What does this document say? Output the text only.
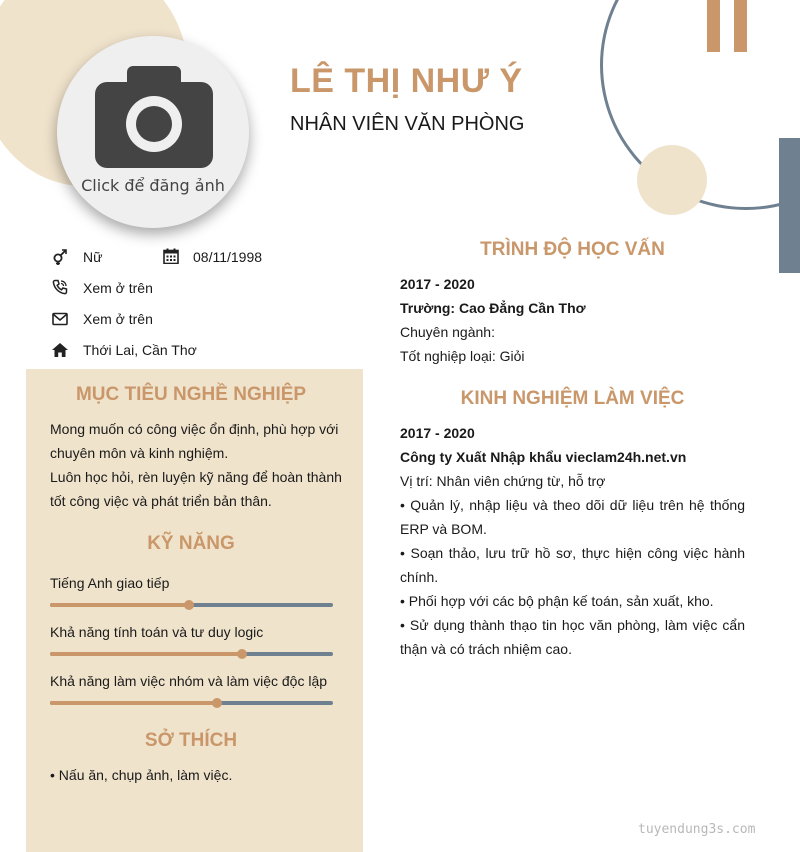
Click để đăng ảnh
LÊ THỊ NHƯ Ý
NHÂN VIÊN VĂN PHÒNG
Nữ	08/11/1998
Xem ở trên
Xem ở trên
Thới Lai, Cần Thơ
MỤC TIÊU NGHỀ NGHIỆP
Mong muốn có công việc ổn định, phù hợp với
chuyên môn và kinh nghiệm.
Luôn học hỏi, rèn luyện kỹ năng để hoàn thành
tốt công việc và phát triển bản thân.
KỸ NĂNG
Tiếng Anh giao tiếp
Khả năng tính toán và tư duy logic
Khả năng làm việc nhóm và làm việc độc lập
SỞ THÍCH
• Nấu ăn, chụp ảnh, làm việc.
TRÌNH ĐỘ HỌC VẤN
2017 - 2020
Trường: Cao Đẳng Cần Thơ
Chuyên ngành:
Tốt nghiệp loại: Giỏi
KINH NGHIỆM LÀM VIỆC
2017 - 2020
Công ty Xuất Nhập khẩu vieclam24h.net.vn
Vị trí: Nhân viên chứng từ, hỗ trợ
• Quản lý, nhập liệu và theo dõi dữ liệu trên hệ thống ERP và BOM.
• Soạn thảo, lưu trữ hồ sơ, thực hiện công việc hành chính.
• Phối hợp với các bộ phận kế toán, sản xuất, kho.
• Sử dụng thành thạo tin học văn phòng, làm việc cẩn thận và có trách nhiệm cao.
tuyendung3s.com
